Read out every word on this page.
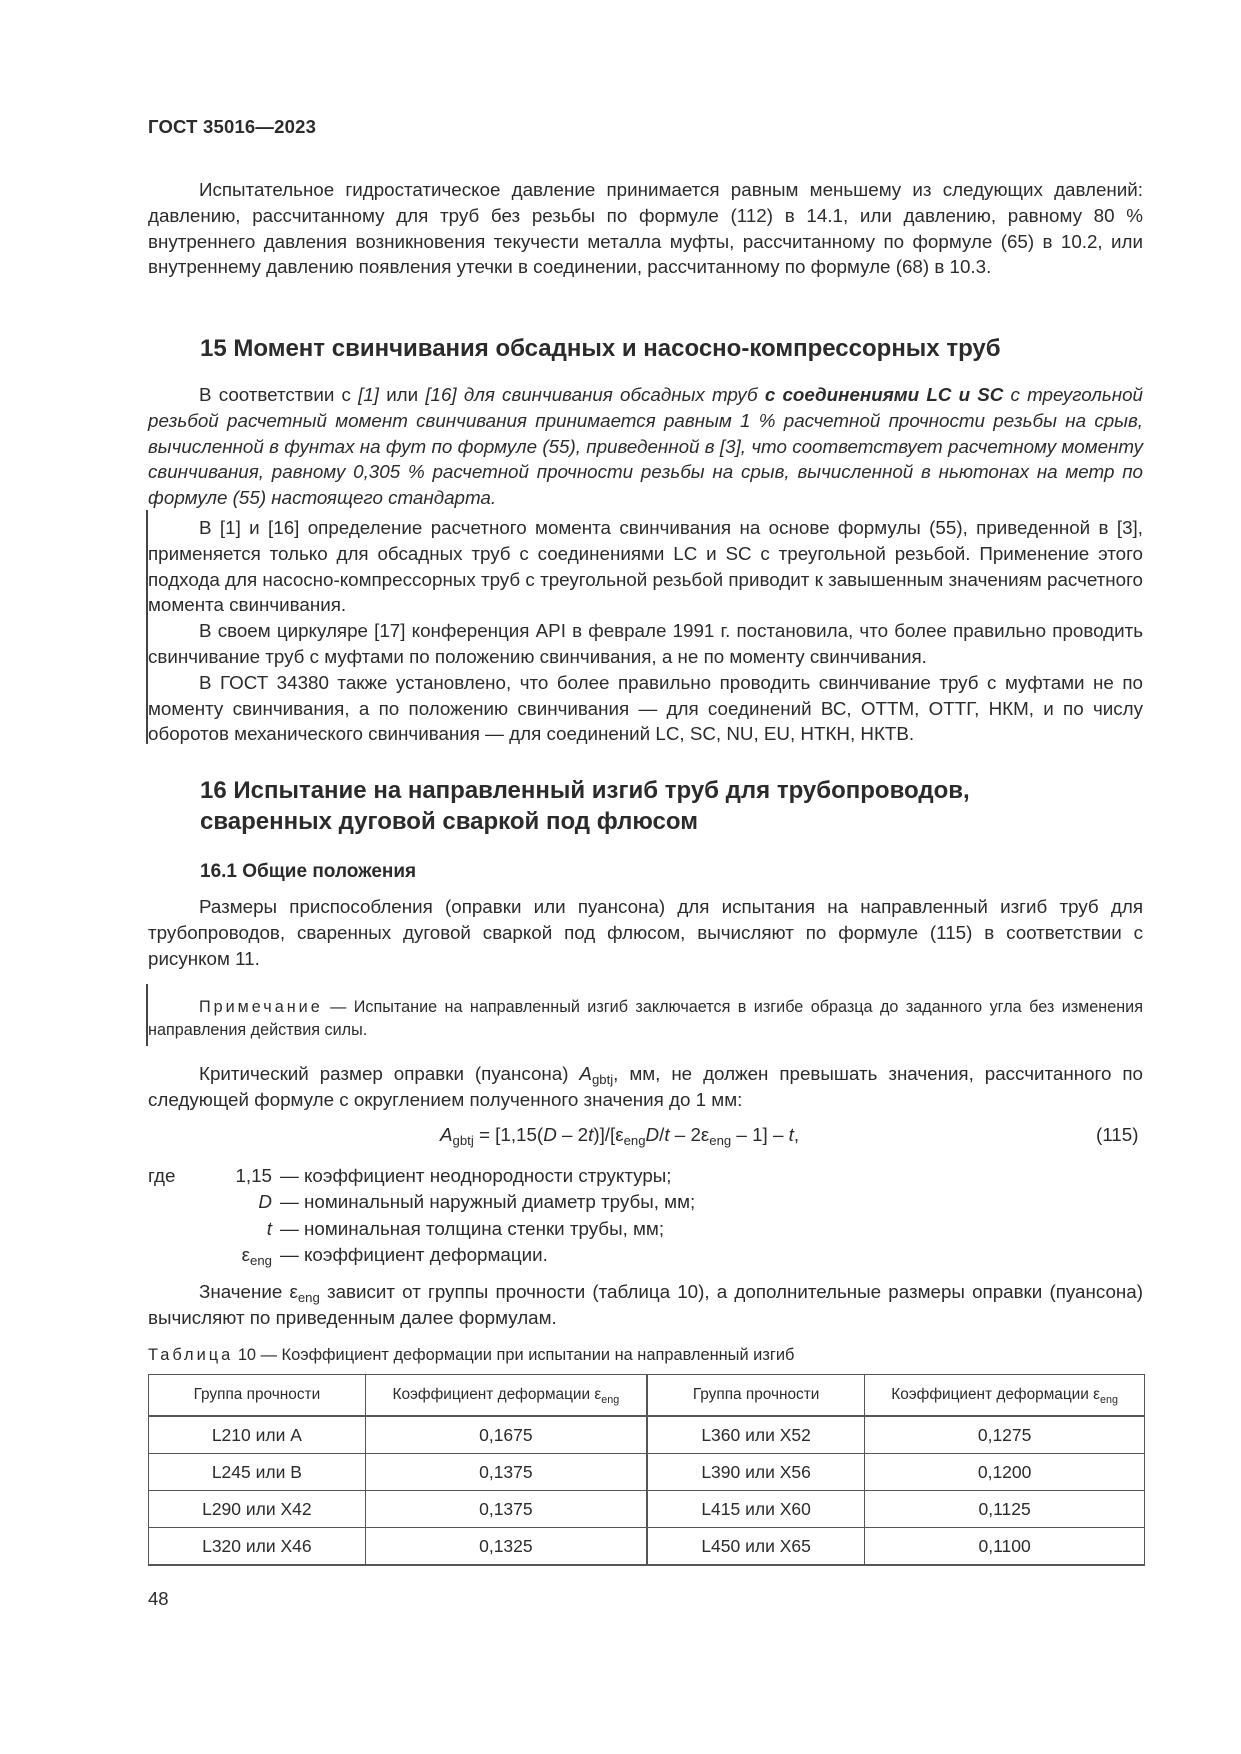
ГОСТ 35016—2023

Испытательное гидростатическое давление принимается равным меньшему из следующих давлений: давлению, рассчитанному для труб без резьбы по формуле (112) в 14.1, или давлению, равному 80 % внутреннего давления возникновения текучести металла муфты, рассчитанному по формуле (65) в 10.2, или внутреннему давлению появления утечки в соединении, рассчитанному по формуле (68) в 10.3.

15 Момент свинчивания обсадных и насосно-компрессорных труб

В соответствии с [1] или [16] для свинчивания обсадных труб с соединениями LC и SC с треугольной резьбой расчетный момент свинчивания принимается равным 1 % расчетной прочности резьбы на срыв, вычисленной в фунтах на фут по формуле (55), приведенной в [3], что соответствует расчетному моменту свинчивания, равному 0,305 % расчетной прочности резьбы на срыв, вычисленной в ньютонах на метр по формуле (55) настоящего стандарта.

В [1] и [16] определение расчетного момента свинчивания на основе формулы (55), приведенной в [3], применяется только для обсадных труб с соединениями LC и SC с треугольной резьбой. Применение этого подхода для насосно-компрессорных труб с треугольной резьбой приводит к завышенным значениям расчетного момента свинчивания.

В своем циркуляре [17] конференция API в феврале 1991 г. постановила, что более правильно проводить свинчивание труб с муфтами по положению свинчивания, а не по моменту свинчивания.

В ГОСТ 34380 также установлено, что более правильно проводить свинчивание труб с муфтами не по моменту свинчивания, а по положению свинчивания — для соединений ВС, ОТТМ, ОТТГ, НКМ, и по числу оборотов механического свинчивания — для соединений LC, SC, NU, EU, НТКН, НКТВ.

16 Испытание на направленный изгиб труб для трубопроводов,
сваренных дуговой сваркой под флюсом
16.1 Общие положения

Размеры приспособления (оправки или пуансона) для испытания на направленный изгиб труб для трубопроводов, сваренных дуговой сваркой под флюсом, вычисляют по формуле (115) в соответствии с рисунком 11.

Примечание — Испытание на направленный изгиб заключается в изгибе образца до заданного угла без изменения направления действия силы.

Критический размер оправки (пуансона) $A_{gbtj}$, мм, не должен превышать значения, рассчитанного по следующей формуле с округлением полученного значения до 1 мм:

$A_{gbtj} = [1,15(D - 2t)]/[\varepsilon_{eng}D/t - 2\varepsilon_{eng} - 1] - t$,	(115)
где	1,15 — коэффициент неоднородности структуры;
D — номинальный наружный диаметр трубы, мм;
t — номинальная толщина стенки трубы, мм;
$\varepsilon_{eng}$ — коэффициент деформации.

Значение $\varepsilon_{eng}$ зависит от группы прочности (таблица 10), а дополнительные размеры оправки (пуансона) вычисляют по приведенным далее формулам.

Таблица 10 — Коэффициент деформации при испытании на направленный изгиб
Группа прочности	Коэффициент деформации $\varepsilon_{eng}$	Группа прочности	Коэффициент деформации $\varepsilon_{eng}$
L210 или A	0,1675	L360 или X52	0,1275
L245 или B	0,1375	L390 или X56	0,1200
L290 или X42	0,1375	L415 или X60	0,1125
L320 или X46	0,1325	L450 или X65	0,1100
48
